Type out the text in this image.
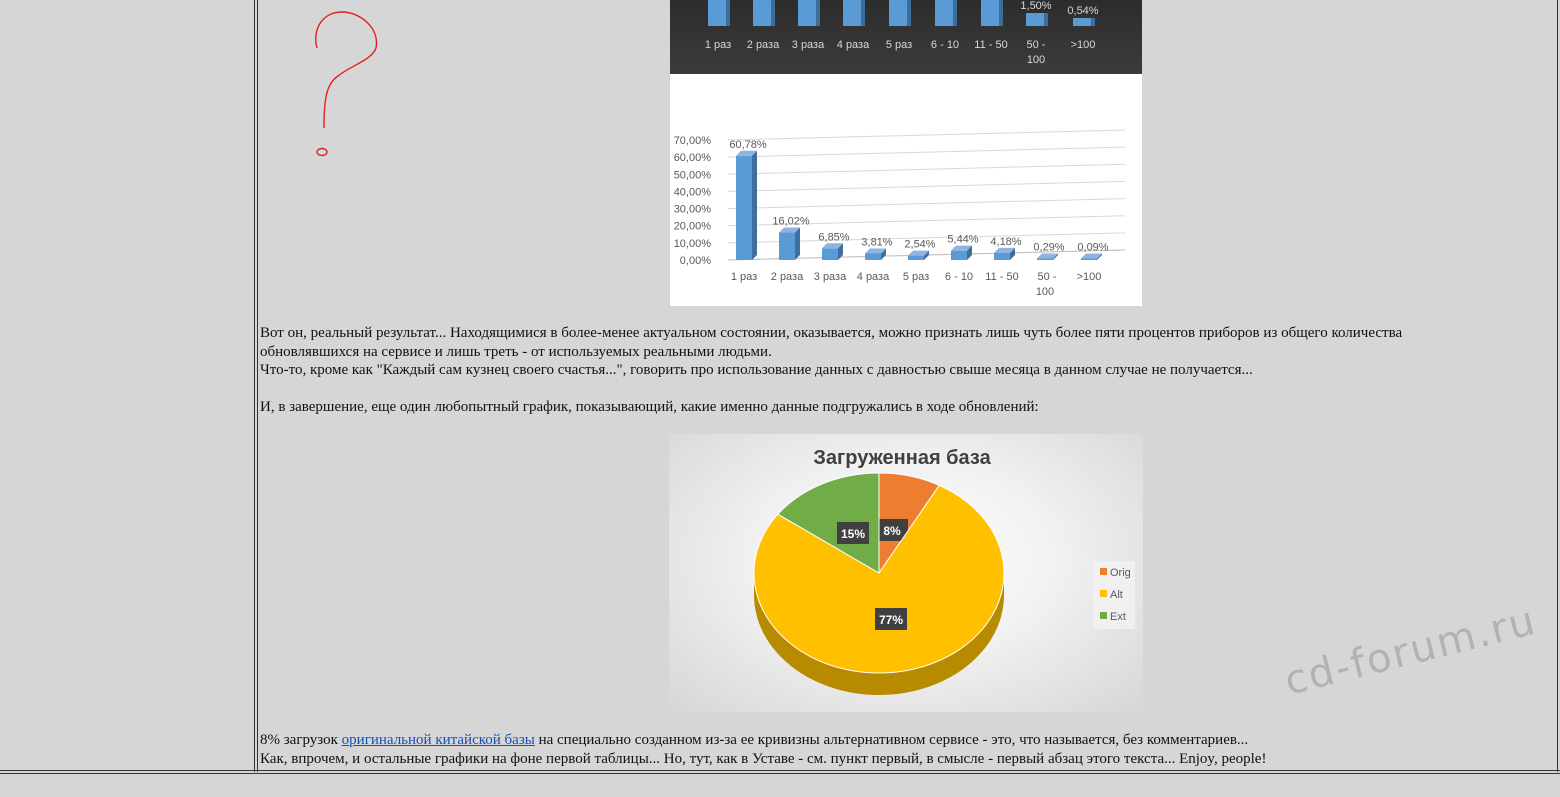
1 раз 2 раза 3 раза 4 раза 5 раз 6 - 10 11 - 50 50 -
100
1,50%
>100
0,54%
0,00%
10,00%
20,00%
30,00%
40,00%
50,00%
60,00%
70,00% 60,78%
1 раз
16,02%
2 раза
6,85%
3 раза
3,81%
4 раза
2,54%
5 раз
5,44%
6 - 10
4,18%
11 - 50
0,29%
50 -
100
0,09%
>100
Вот он, реальный результат... Находящимися в более-менее актуальном состоянии, оказывается, можно признать лишь чуть более пяти процентов приборов из общего количества
обновлявшихся на сервисе и лишь треть - от используемых реальными людьми.
Что-то, кроме как "Каждый сам кузнец своего счастья...", говорить про использование данных с давностью свыше месяца в данном случае не получается...
И, в завершение, еще один любопытный график, показывающий, какие именно данные подгружались в ходе обновлений:
Загруженная база
8%
77%
15%
Orig
Alt
Ext
8% загрузок оригинальной китайской базы на специально созданном из-за ее кривизны альтернативном сервисе - это, что называется, без комментариев...
Как, впрочем, и остальные графики на фоне первой таблицы... Но, тут, как в Уставе - см. пункт первый, в смысле - первый абзац этого текста... Enjoy, people!
cd-forum.ru
